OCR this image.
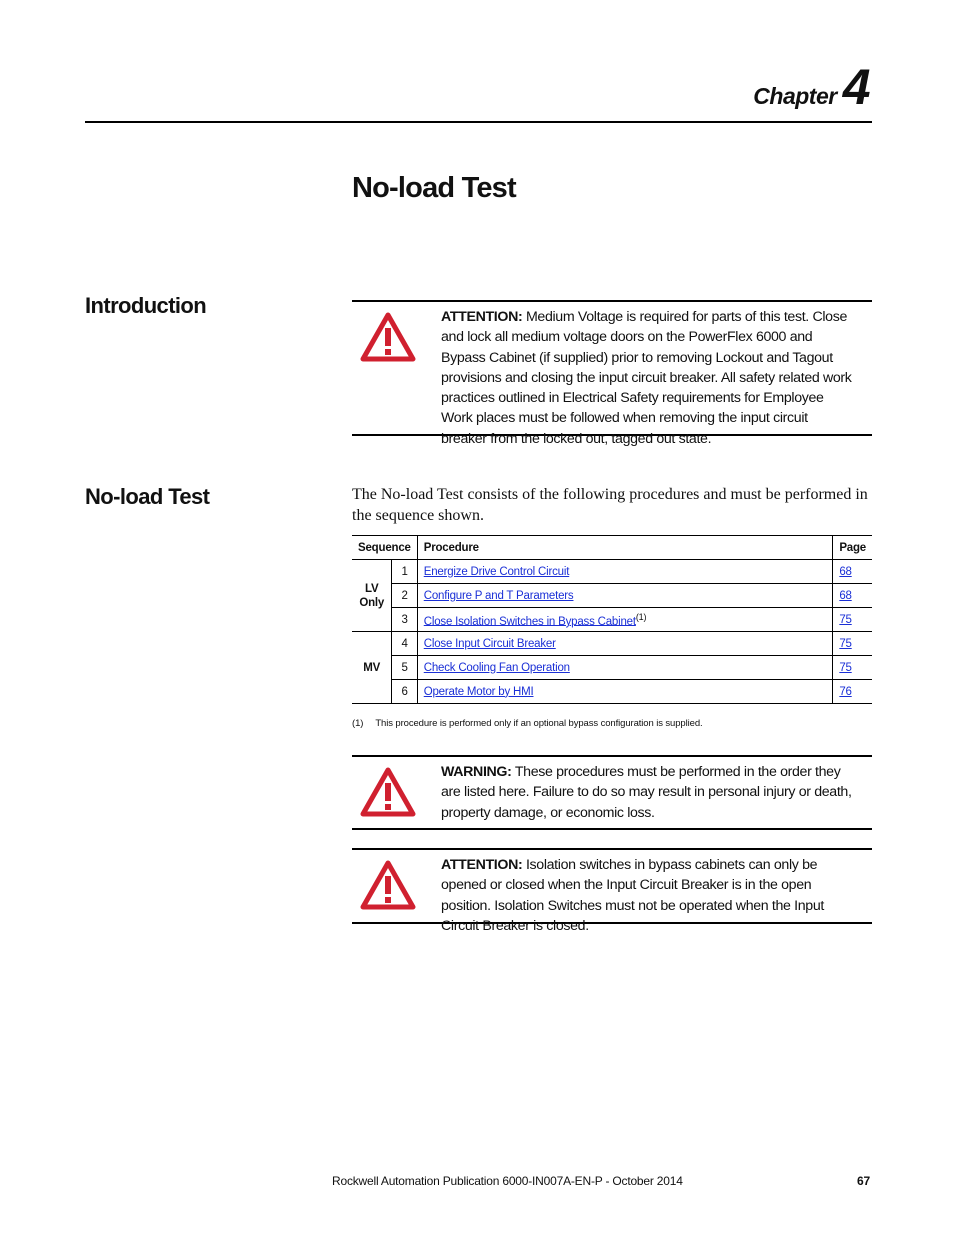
Chapter 4
No-load Test
Introduction	ATTENTION: Medium Voltage is required for parts of this test. Close and lock all medium voltage doors on the PowerFlex 6000 and Bypass Cabinet (if supplied) prior to removing Lockout and Tagout provisions and closing the input circuit breaker. All safety related work practices outlined in Electrical Safety requirements for Employee Work places must be followed when removing the input circuit breaker from the locked out, tagged out state.
No-load Test	The No-load Test consists of the following procedures and must be performed in the sequence shown.

Sequence		Procedure	Page
LV
Only	1	Energize Drive Control Circuit	68
	2	Configure P and T Parameters	68
	3	Close Isolation Switches in Bypass Cabinet$^{(1)}$	75
MV	4	Close Input Circuit Breaker	75
	5	Check Cooling Fan Operation	75
	6	Operate Motor by HMI	76
(1) This procedure is performed only if an optional bypass configuration is supplied.
WARNING: These procedures must be performed in the order they are listed here. Failure to do so may result in personal injury or death, property damage, or economic loss.
ATTENTION: Isolation switches in bypass cabinets can only be opened or closed when the Input Circuit Breaker is in the open position. Isolation Switches must not be operated when the Input Circuit Breaker is closed.
Rockwell Automation Publication 6000-IN007A-EN-P - October 2014	67
